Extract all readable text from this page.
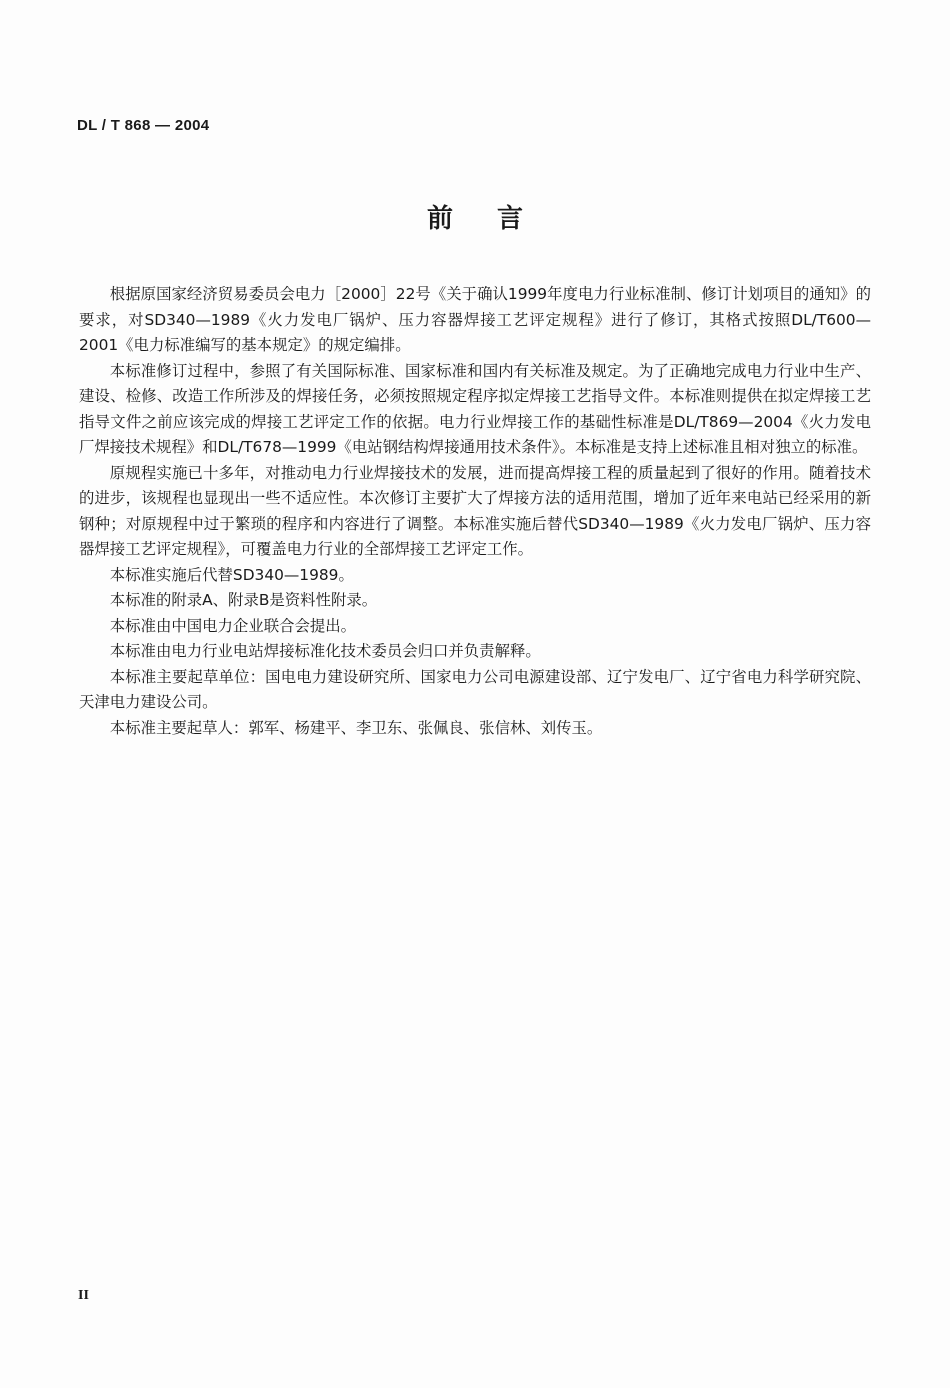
DL / T 868 — 2004
前言

根据原国家经济贸易委员会电力［2000］22号《关于确认1999年度电力行业标准制、修订计划项目的通知》的要求，对SD340—1989《火力发电厂锅炉、压力容器焊接工艺评定规程》进行了修订，其格式按照DL/T600—2001《电力标准编写的基本规定》的规定编排。

本标准修订过程中，参照了有关国际标准、国家标准和国内有关标准及规定。为了正确地完成电力行业中生产、建设、检修、改造工作所涉及的焊接任务，必须按照规定程序拟定焊接工艺指导文件。本标准则提供在拟定焊接工艺指导文件之前应该完成的焊接工艺评定工作的依据。电力行业焊接工作的基础性标准是DL/T869—2004《火力发电厂焊接技术规程》和DL/T678—1999《电站钢结构焊接通用技术条件》。本标准是支持上述标准且相对独立的标准。

原规程实施已十多年，对推动电力行业焊接技术的发展，进而提高焊接工程的质量起到了很好的作用。随着技术的进步，该规程也显现出一些不适应性。本次修订主要扩大了焊接方法的适用范围，增加了近年来电站已经采用的新钢种；对原规程中过于繁琐的程序和内容进行了调整。本标准实施后替代SD340—1989《火力发电厂锅炉、压力容器焊接工艺评定规程》，可覆盖电力行业的全部焊接工艺评定工作。

本标准实施后代替SD340—1989。

本标准的附录A、附录B是资料性附录。

本标准由中国电力企业联合会提出。

本标准由电力行业电站焊接标准化技术委员会归口并负责解释。

本标准主要起草单位：国电电力建设研究所、国家电力公司电源建设部、辽宁发电厂、辽宁省电力科学研究院、天津电力建设公司。

本标准主要起草人：郭军、杨建平、李卫东、张佩良、张信林、刘传玉。

II
